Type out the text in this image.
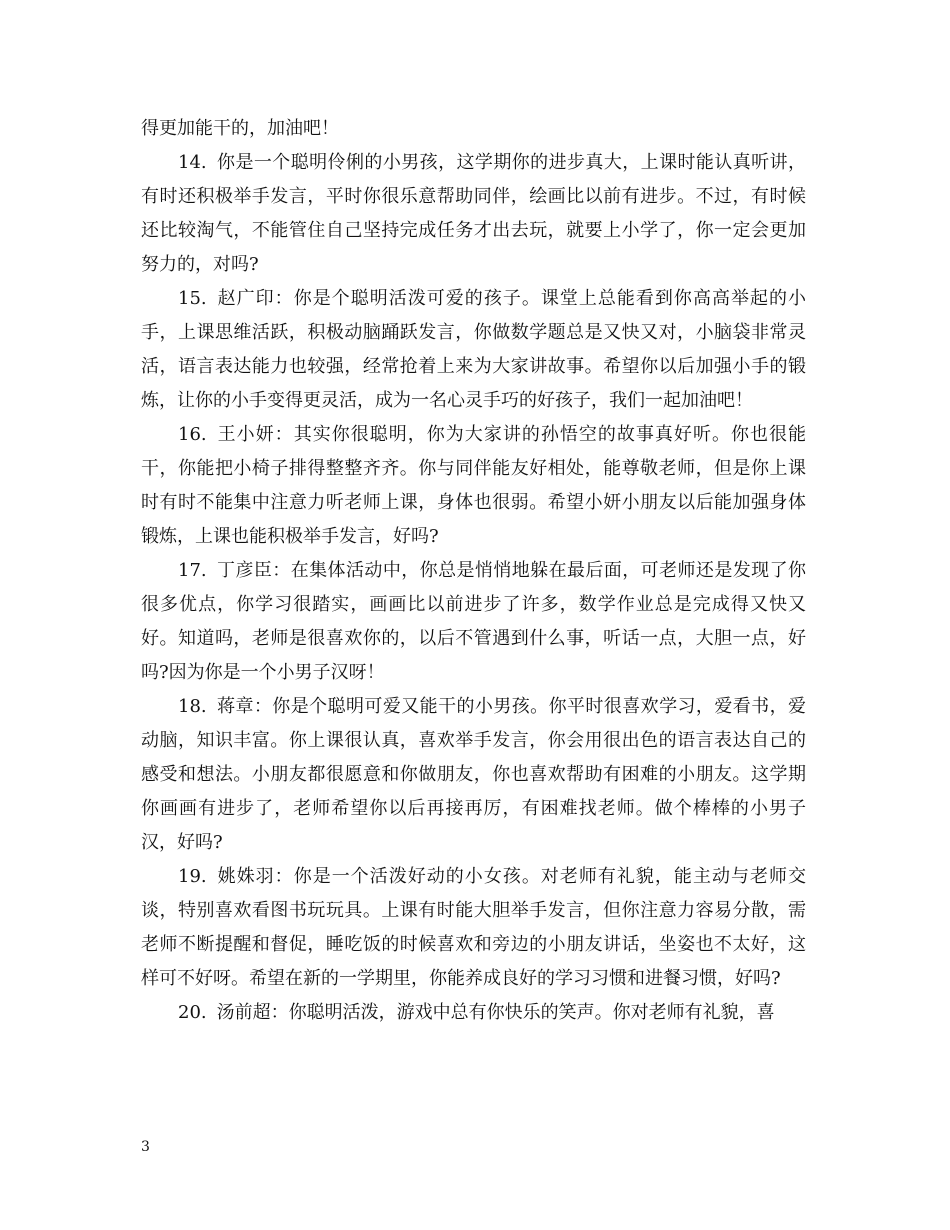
得更加能干的，加油吧！

14. 你是一个聪明伶俐的小男孩，这学期你的进步真大，上课时能认真听讲，有时还积极举手发言，平时你很乐意帮助同伴，绘画比以前有进步。不过，有时候还比较淘气，不能管住自己坚持完成任务才出去玩，就要上小学了，你一定会更加努力的，对吗?

15. 赵广印：你是个聪明活泼可爱的孩子。课堂上总能看到你高高举起的小手，上课思维活跃，积极动脑踊跃发言，你做数学题总是又快又对，小脑袋非常灵活，语言表达能力也较强，经常抢着上来为大家讲故事。希望你以后加强小手的锻炼，让你的小手变得更灵活，成为一名心灵手巧的好孩子，我们一起加油吧！

16. 王小妍：其实你很聪明，你为大家讲的孙悟空的故事真好听。你也很能干，你能把小椅子排得整整齐齐。你与同伴能友好相处，能尊敬老师，但是你上课时有时不能集中注意力听老师上课，身体也很弱。希望小妍小朋友以后能加强身体锻炼，上课也能积极举手发言，好吗?

17. 丁彦臣：在集体活动中，你总是悄悄地躲在最后面，可老师还是发现了你很多优点，你学习很踏实，画画比以前进步了许多，数学作业总是完成得又快又好。知道吗，老师是很喜欢你的，以后不管遇到什么事，听话一点，大胆一点，好吗?因为你是一个小男子汉呀！

18. 蒋章：你是个聪明可爱又能干的小男孩。你平时很喜欢学习，爱看书，爱动脑，知识丰富。你上课很认真，喜欢举手发言，你会用很出色的语言表达自己的感受和想法。小朋友都很愿意和你做朋友，你也喜欢帮助有困难的小朋友。这学期你画画有进步了，老师希望你以后再接再厉，有困难找老师。做个棒棒的小男子汉，好吗?

19. 姚姝羽：你是一个活泼好动的小女孩。对老师有礼貌，能主动与老师交谈，特别喜欢看图书玩玩具。上课有时能大胆举手发言，但你注意力容易分散，需老师不断提醒和督促，睡吃饭的时候喜欢和旁边的小朋友讲话，坐姿也不太好，这样可不好呀。希望在新的一学期里，你能养成良好的学习习惯和进餐习惯，好吗?

20. 汤前超：你聪明活泼，游戏中总有你快乐的笑声。你对老师有礼貌，喜

3
